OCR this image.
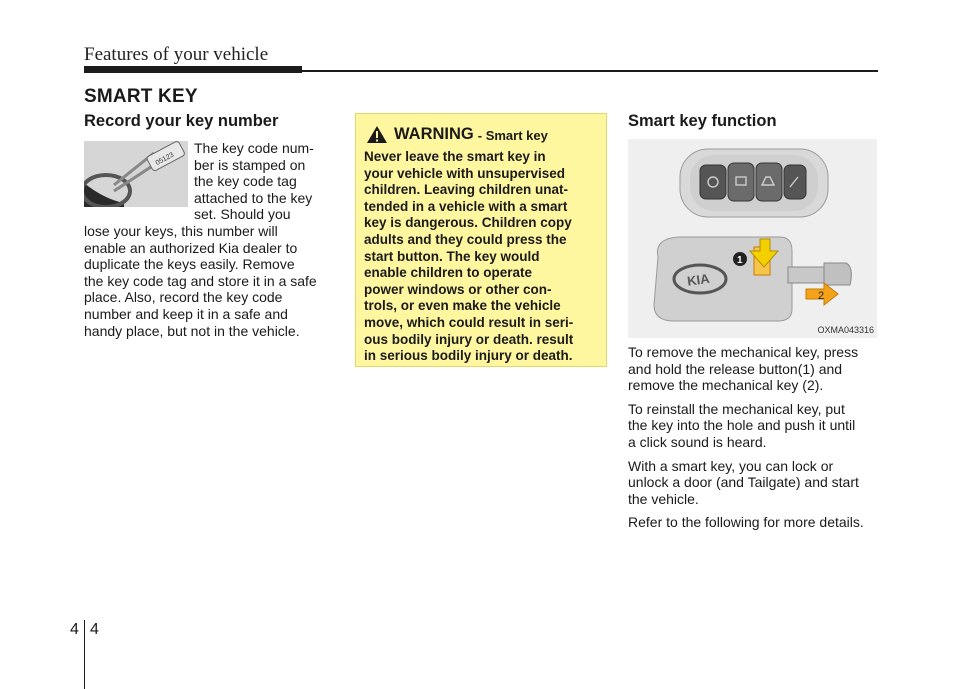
Features of your vehicle
SMART KEY
Record your key number
05123
The key code num-
ber is stamped on
the key code tag
attached to the key
set. Should you
lose your keys, this number will
enable an authorized Kia dealer to
duplicate the keys easily. Remove
the key code tag and store it in a safe
place. Also, record the key code
number and keep it in a safe and
handy place, but not in the vehicle.
WARNING - Smart key
Never leave the smart key in
your vehicle with unsupervised
children. Leaving children unat-
tended in a vehicle with a smart
key is dangerous. Children copy
adults and they could press the
start button. The key would
enable children to operate
power windows or other con-
trols, or even make the vehicle
move, which could result in seri-
ous bodily injury or death. result
in serious bodily injury or death.
Smart key function
KIA
1
2
OXMA043316

To remove the mechanical key, press
and hold the release button(1) and
remove the mechanical key (2).

To reinstall the mechanical key, put
the key into the hole and push it until
a click sound is heard.

With a smart key, you can lock or
unlock a door (and Tailgate) and start
the vehicle.

Refer to the following for more details.

4 4
